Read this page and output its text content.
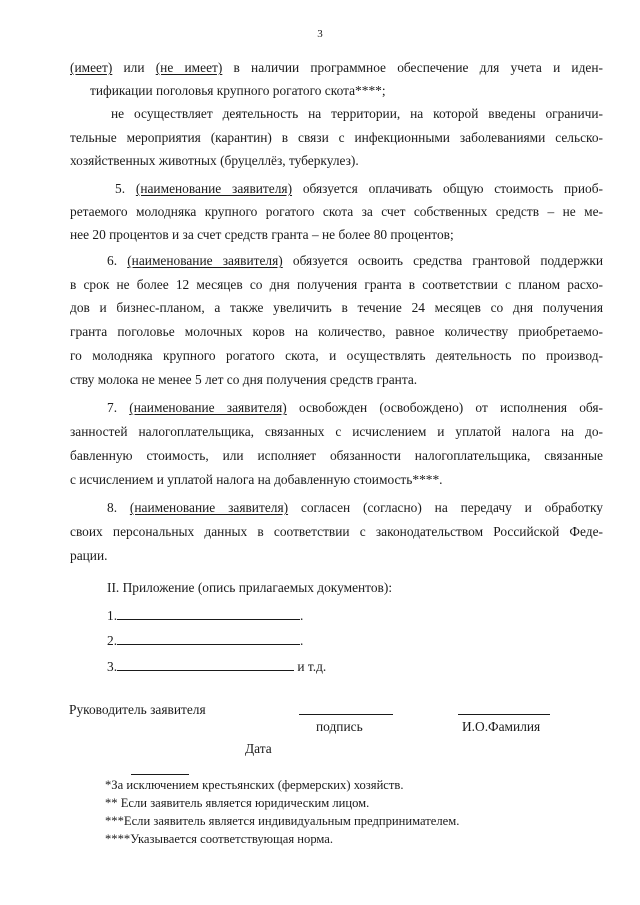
3
(имеет) или (не имеет) в наличии программное обеспечение для учета и иден-
тификации поголовья крупного рогатого скота****;
не осуществляет деятельность на территории, на которой введены ограничи-
тельные мероприятия (карантин) в связи с инфекционными заболеваниями сельско-
хозяйственных животных (бруцеллёз, туберкулез).
5. (наименование заявителя) обязуется оплачивать общую стоимость приоб-
ретаемого молодняка крупного рогатого скота за счет собственных средств – не ме-
нее 20 процентов и за счет средств гранта – не более 80 процентов;
6. (наименование заявителя) обязуется освоить средства грантовой поддержки
в срок не более 12 месяцев со дня получения гранта в соответствии с планом расхо-
дов и бизнес-планом, а также увеличить в течение 24 месяцев со дня получения
гранта поголовье молочных коров на количество, равное количеству приобретаемо-
го молодняка крупного рогатого скота, и осуществлять деятельность по производ-
ству молока не менее 5 лет со дня получения средств гранта.
7. (наименование заявителя) освобожден (освобождено) от исполнения обя-
занностей налогоплательщика, связанных с исчислением и уплатой налога на до-
бавленную стоимость, или исполняет обязанности налогоплательщика, связанные
с исчислением и уплатой налога на добавленную стоимость****.
8. (наименование заявителя) согласен (согласно) на передачу и обработку
своих персональных данных в соответствии с законодательством Российской Феде-
рации.
II. Приложение (опись прилагаемых документов):
1.	.
2.	.
3.	и т.д.
Руководитель заявителя
подпись	И.О.Фамилия
Дата
*За исключением крестьянских (фермерских) хозяйств.
** Если заявитель является юридическим лицом.
***Если заявитель является индивидуальным предпринимателем.
****Указывается соответствующая норма.
